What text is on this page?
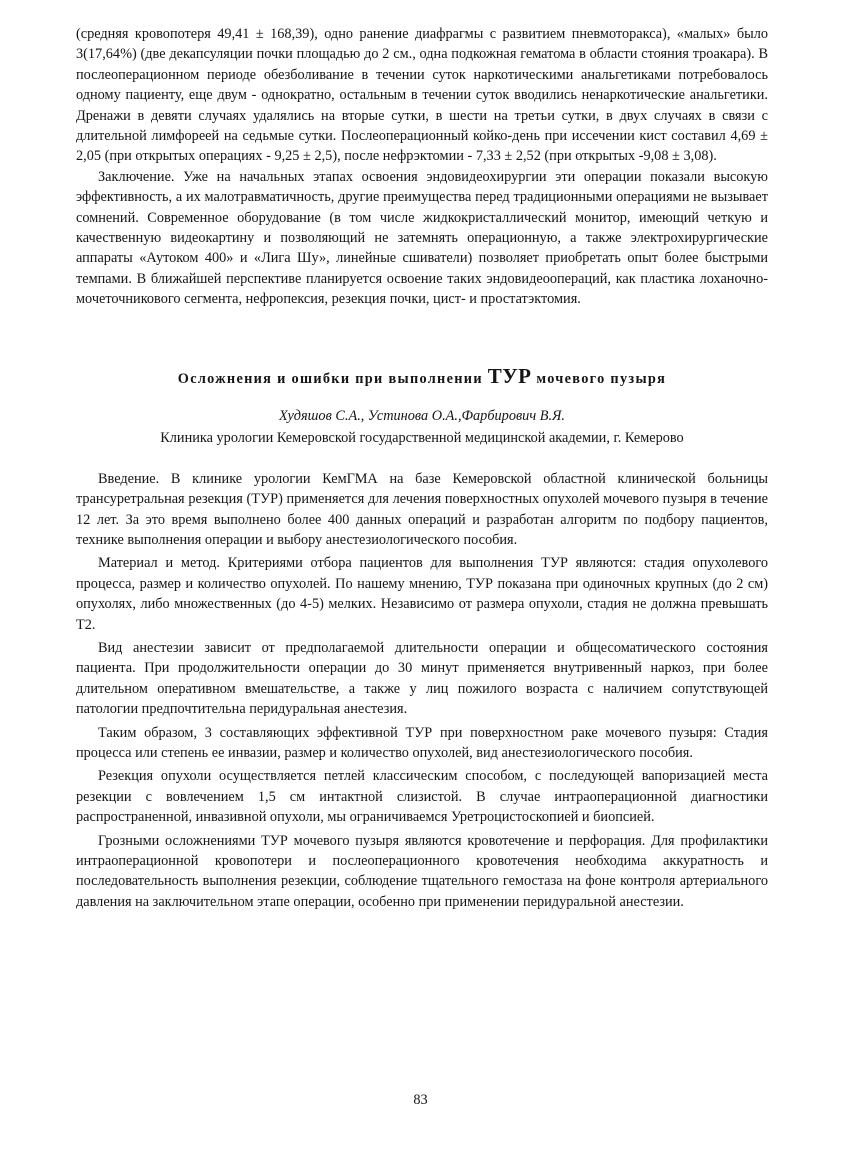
(средняя кровопотеря 49,41 ± 168,39), одно ранение диафрагмы с развитием пневмоторакса), «малых» было 3(17,64%) (две декапсуляции почки площадью до 2 см., одна подкожная гематома в области стояния троакара). В послеоперационном периоде обезболивание в течении суток наркотическими анальгетиками потребовалось одному пациенту, еще двум - однократно, остальным в течении суток вводились ненаркотические анальгетики. Дренажи в девяти случаях удалялись на вторые сутки, в шести на третьи сутки, в двух случаях в связи с длительной лимфореей на седьмые сутки. Послеоперационный койко-день при иссечении кист составил 4,69 ± 2,05 (при открытых операциях - 9,25 ± 2,5), после нефрэктомии - 7,33 ± 2,52 (при открытых -9,08 ± 3,08).

Заключение. Уже на начальных этапах освоения эндовидеохирургии эти операции показали высокую эффективность, а их малотравматичность, другие преимущества перед традиционными операциями не вызывает сомнений. Современное оборудование (в том числе жидкокристаллический монитор, имеющий четкую и качественную видеокартину и позволяющий не затемнять операционную, а также электрохирургические аппараты «Аутоком 400» и «Лига Шу», линейные сшиватели) позволяет приобретать опыт более быстрыми темпами. В ближайшей перспективе планируется освоение таких эндовидеоопераций, как пластика лоханочно-мочеточникового сегмента, нефропексия, резекция почки, цист- и простатэктомия.

Осложнения и ошибки при выполнении ТУР мочевого пузыря

Худяшов С.А., Устинова О.А.,Фарбирович В.Я.

Клиника урологии Кемеровской государственной медицинской академии, г. Кемерово

Введение. В клинике урологии КемГМА на базе Кемеровской областной клинической больницы трансуретральная резекция (ТУР) применяется для лечения поверхностных опухолей мочевого пузыря в течение 12 лет. За это время выполнено более 400 данных операций и разработан алгоритм по подбору пациентов, технике выполнения операции и выбору анестезиологического пособия.

Материал и метод. Критериями отбора пациентов для выполнения ТУР являются: стадия опухолевого процесса, размер и количество опухолей. По нашему мнению, ТУР показана при одиночных крупных (до 2 см) опухолях, либо множественных (до 4-5) мелких. Независимо от размера опухоли, стадия не должна превышать Т2.

Вид анестезии зависит от предполагаемой длительности операции и общесоматического состояния пациента. При продолжительности операции до 30 минут применяется внутривенный наркоз, при более длительном оперативном вмешательстве, а также у лиц пожилого возраста с наличием сопутствующей патологии предпочтительна перидуральная анестезия.

Таким образом, 3 составляющих эффективной ТУР при поверхностном раке мочевого пузыря: Стадия процесса или степень ее инвазии, размер и количество опухолей, вид анестезиологического пособия.

Резекция опухоли осуществляется петлей классическим способом, с последующей вапоризацией места резекции с вовлечением 1,5 см интактной слизистой. В случае интраоперационной диагностики распространенной, инвазивной опухоли, мы ограничиваемся Уретроцистоскопией и биопсией.

Грозными осложнениями ТУР мочевого пузыря являются кровотечение и перфорация. Для профилактики интраоперационной кровопотери и послеоперационного кровотечения необходима аккуратность и последовательность выполнения резекции, соблюдение тщательного гемостаза на фоне контроля артериального давления на заключительном этапе операции, особенно при применении перидуральной анестезии.

83
